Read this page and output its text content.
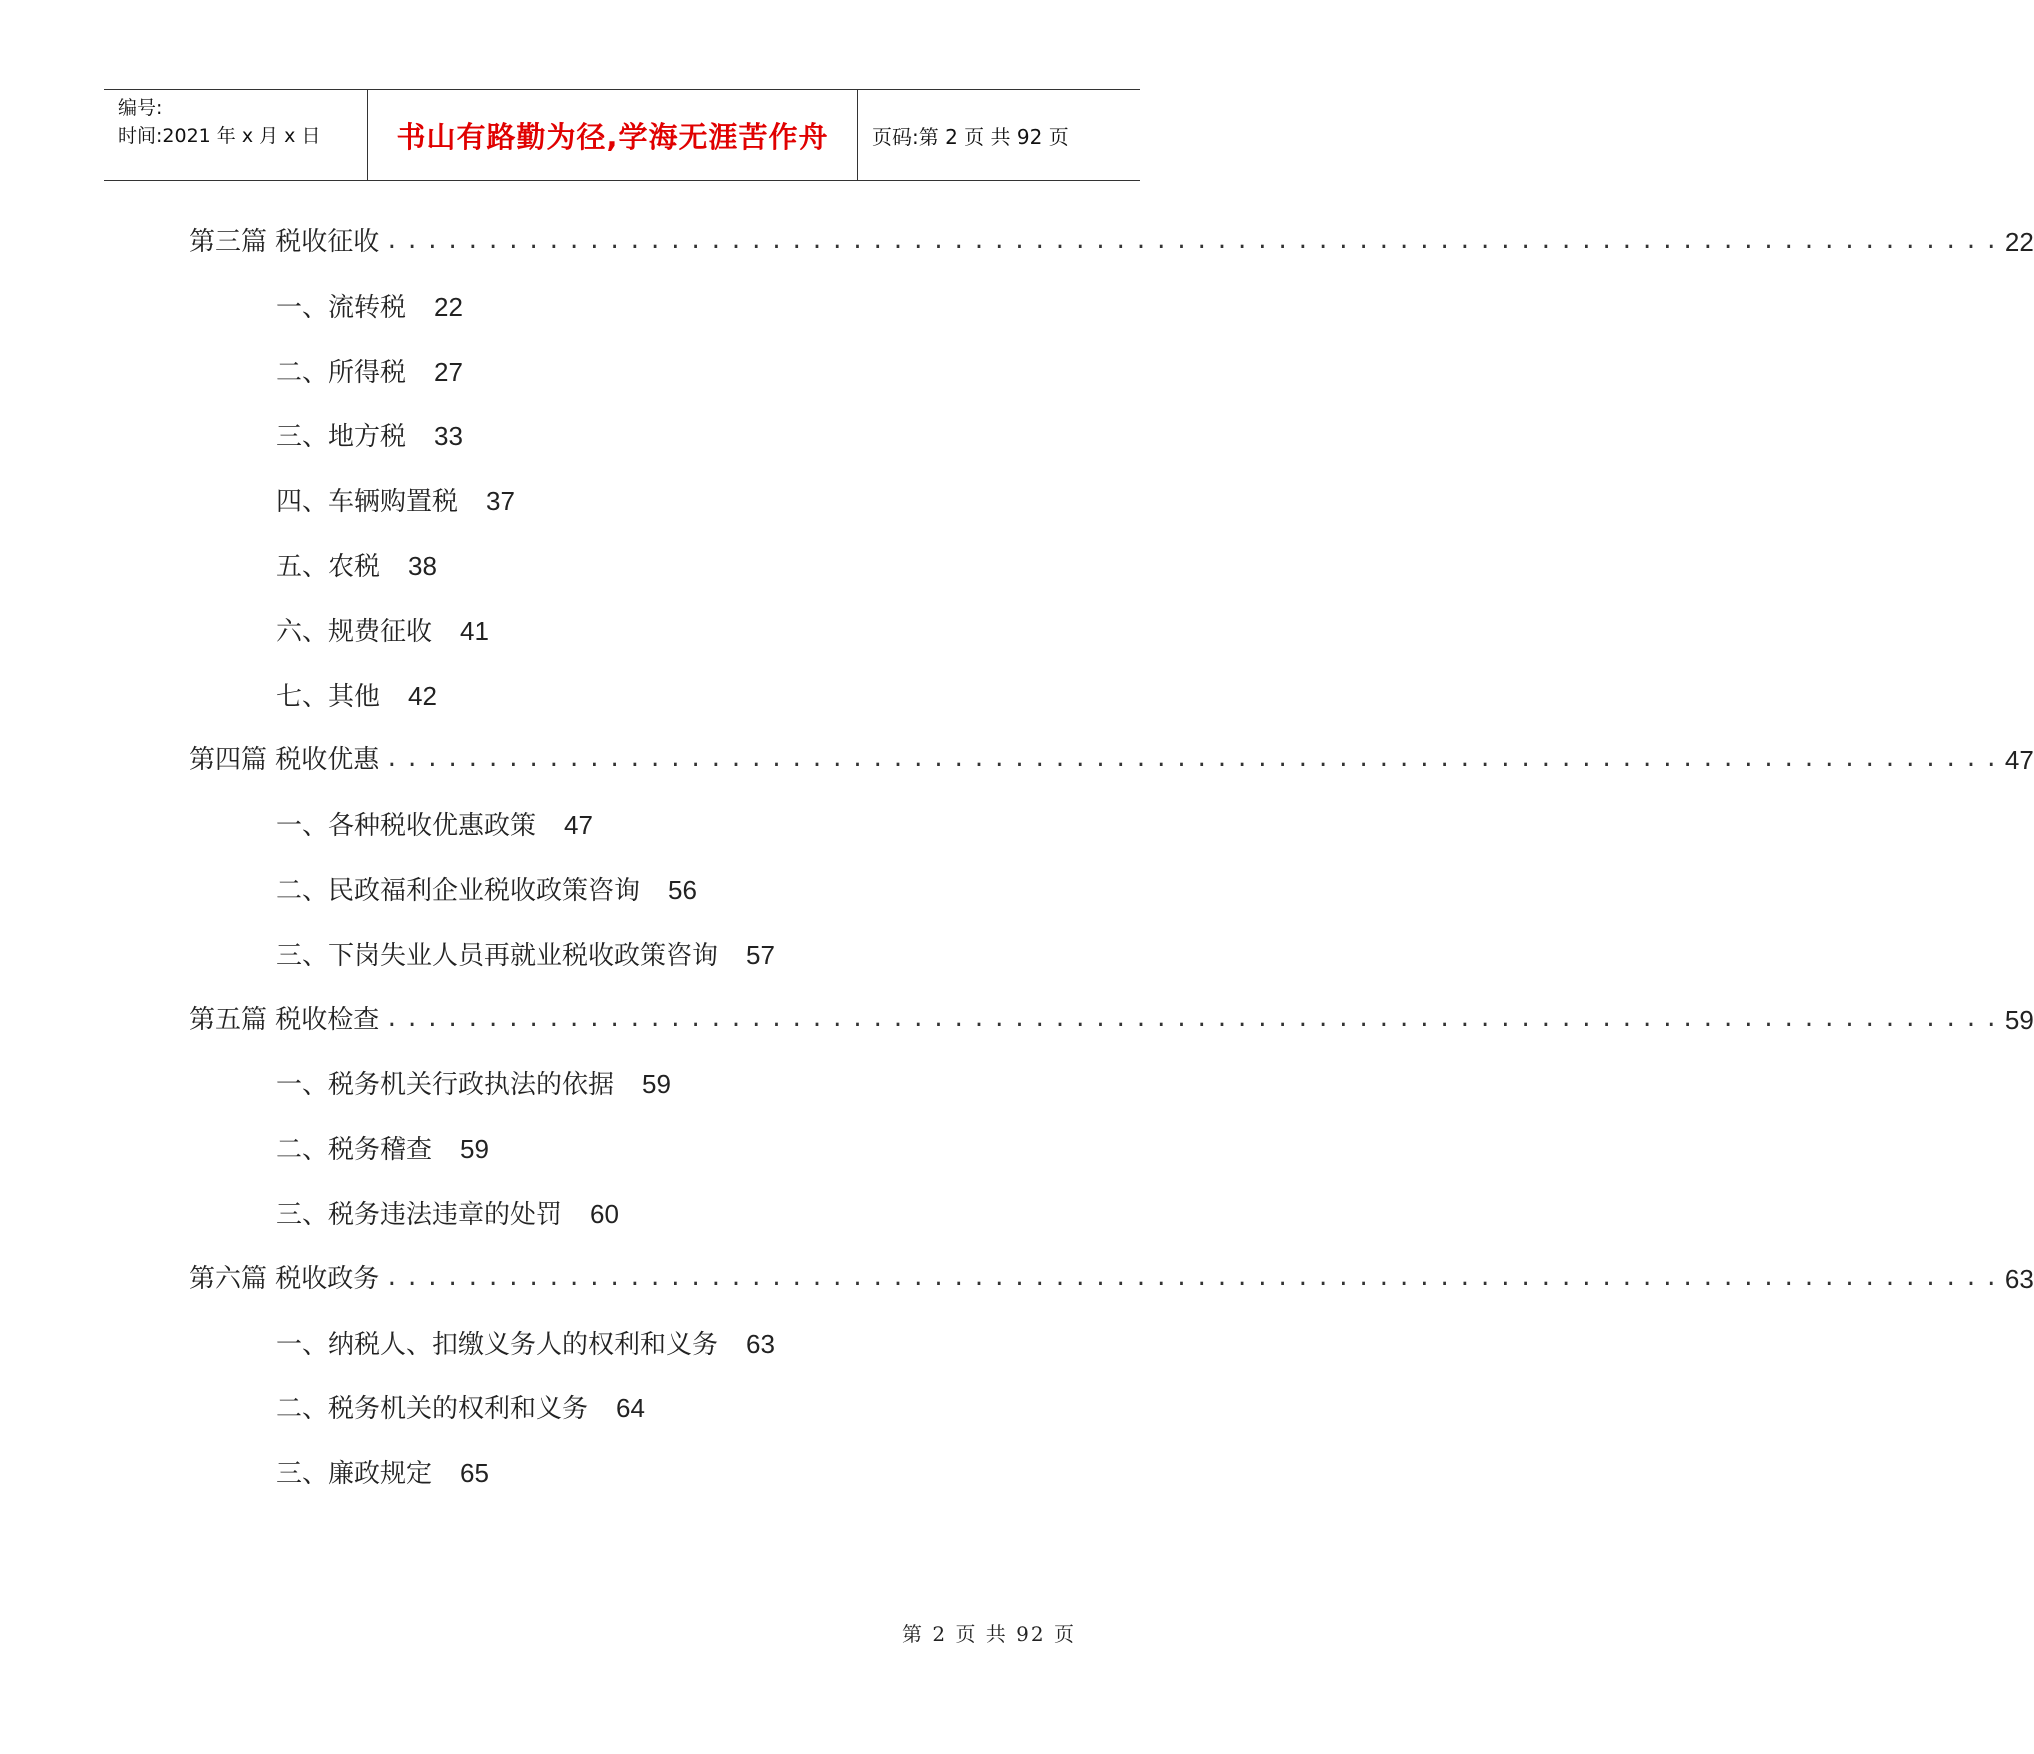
编号:
时间:2021 年 x 月 x 日	书山有路勤为径,学海无涯苦作舟	页码:第 2 页 共 92 页
第三篇 税收征收 ................................................................................ 22
一、流转税 22
二、所得税 27
三、地方税 33
四、车辆购置税 37
五、农税 38
六、规费征收 41
七、其他 42
第四篇 税收优惠 ................................................................................ 47
一、各种税收优惠政策 47
二、民政福利企业税收政策咨询 56
三、下岗失业人员再就业税收政策咨询 57
第五篇 税收检查 ................................................................................ 59
一、税务机关行政执法的依据 59
二、税务稽查 59
三、税务违法违章的处罚 60
第六篇 税收政务 ................................................................................ 63
一、纳税人、扣缴义务人的权利和义务 63
二、税务机关的权利和义务 64
三、廉政规定 65
第 2 页 共 92 页
